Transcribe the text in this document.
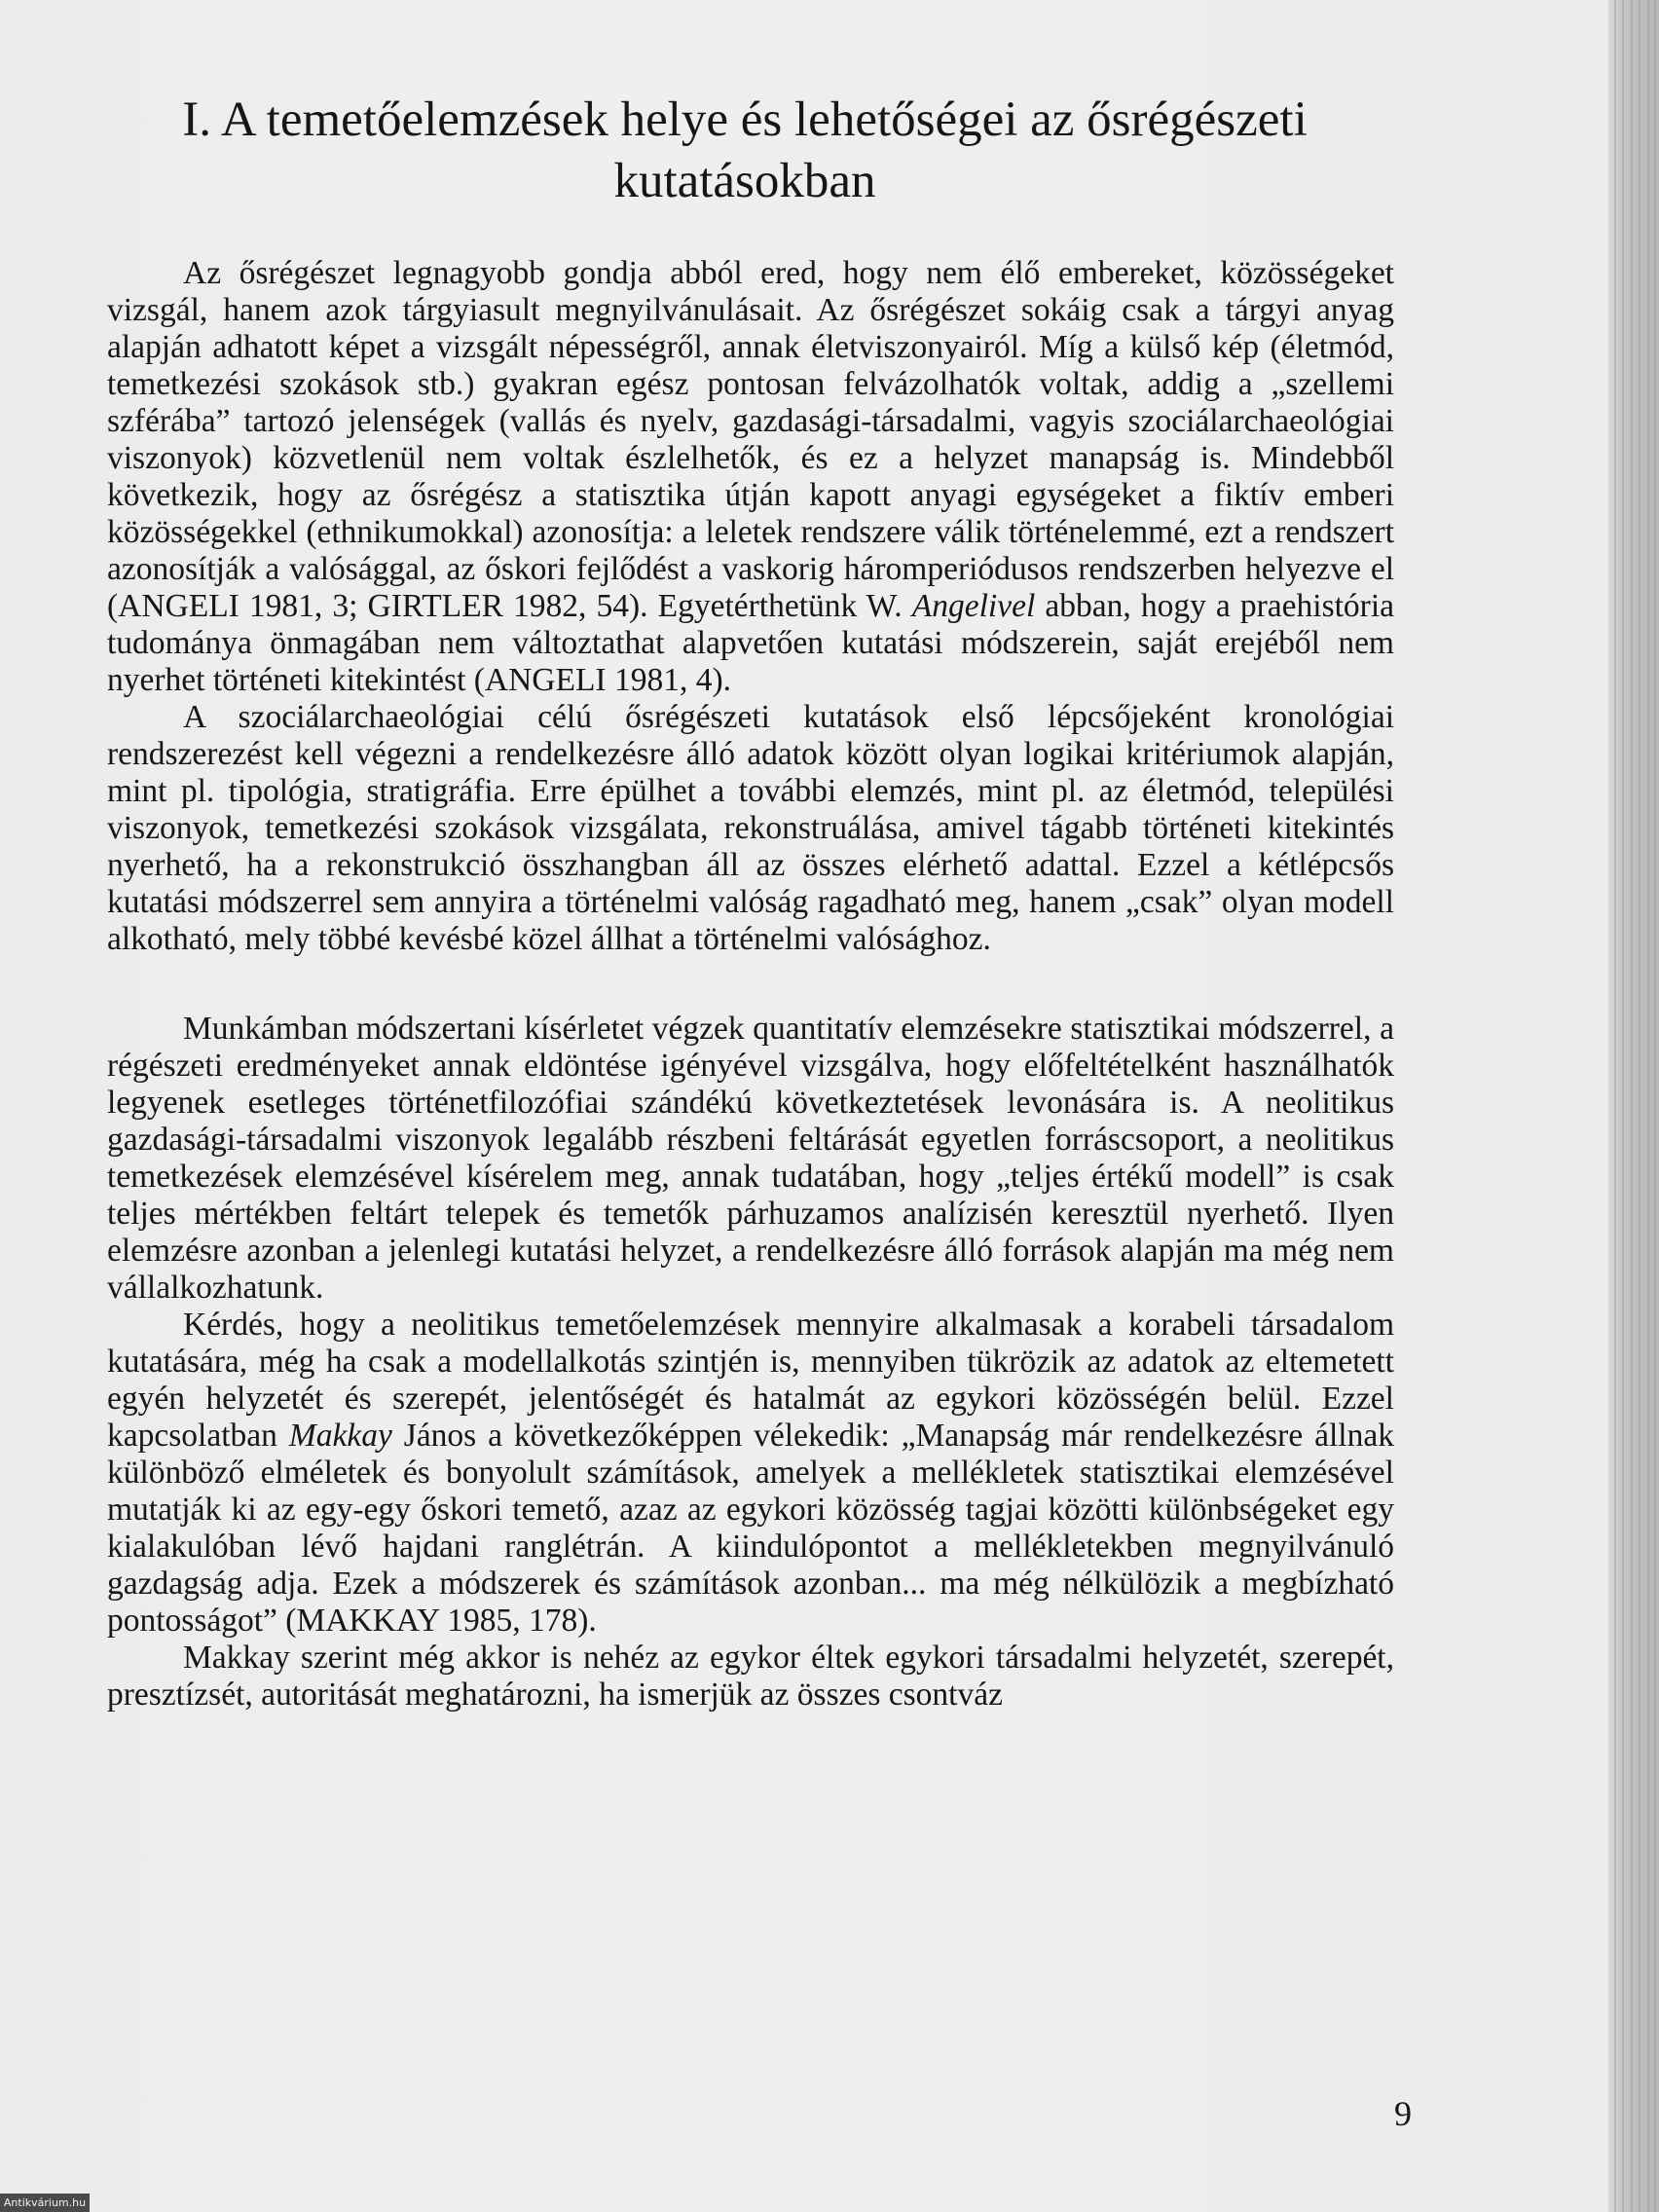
I. A temetőelemzések helye és lehetőségei az ősrégészeti
kutatásokban

Az ősrégészet legnagyobb gondja abból ered, hogy nem élő embereket, közösségeket vizsgál, hanem azok tárgyiasult megnyilvánulásait. Az ősrégészet sokáig csak a tárgyi anyag alapján adhatott képet a vizsgált népességről, annak életviszonyairól. Míg a külső kép (életmód, temetkezési szokások stb.) gyakran egész pontosan felvázolhatók voltak, addig a „szellemi szférába” tartozó jelenségek (vallás és nyelv, gazdasági-társadalmi, vagyis szociálarchaeológiai viszonyok) közvetlenül nem voltak észlelhetők, és ez a helyzet manapság is. Mindebből következik, hogy az ősrégész a statisztika útján kapott anyagi egységeket a fiktív emberi közösségekkel (ethnikumokkal) azonosítja: a leletek rendszere válik történelemmé, ezt a rendszert azonosítják a valósággal, az őskori fejlődést a vaskorig háromperiódusos rendszerben helyezve el (ANGELI 1981, 3; GIRTLER 1982, 54). Egyetérthetünk W. Angelivel abban, hogy a praehistória tudománya önmagában nem változtathat alapvetően kutatási módszerein, saját erejéből nem nyerhet történeti kitekintést (ANGELI 1981, 4).

A szociálarchaeológiai célú ősrégészeti kutatások első lépcsőjeként kronológiai rendszerezést kell végezni a rendelkezésre álló adatok között olyan logikai kritériumok alapján, mint pl. tipológia, stratigráfia. Erre épülhet a további elemzés, mint pl. az életmód, települési viszonyok, temetkezési szokások vizsgálata, rekonstruálása, amivel tágabb történeti kitekintés nyerhető, ha a rekonstrukció összhangban áll az összes elérhető adattal. Ezzel a kétlépcsős kutatási módszerrel sem annyira a történelmi valóság ragadható meg, hanem „csak” olyan modell alkotható, mely többé kevésbé közel állhat a történelmi valósághoz.

Munkámban módszertani kísérletet végzek quantitatív elemzésekre statisztikai módszerrel, a régészeti eredményeket annak eldöntése igényével vizsgálva, hogy előfeltételként használhatók legyenek esetleges történetfilozófiai szándékú következtetések levonására is. A neolitikus gazdasági-társadalmi viszonyok legalább részbeni feltárását egyetlen forráscsoport, a neolitikus temetkezések elemzésével kísérelem meg, annak tudatában, hogy „teljes értékű modell” is csak teljes mértékben feltárt telepek és temetők párhuzamos analízisén keresztül nyerhető. Ilyen elemzésre azonban a jelenlegi kutatási helyzet, a rendelkezésre álló források alapján ma még nem vállalkozhatunk.

Kérdés, hogy a neolitikus temetőelemzések mennyire alkalmasak a korabeli társadalom kutatására, még ha csak a modellalkotás szintjén is, mennyiben tükrözik az adatok az eltemetett egyén helyzetét és szerepét, jelentőségét és hatalmát az egykori közösségén belül. Ezzel kapcsolatban Makkay János a következőképpen vélekedik: „Manapság már rendelkezésre állnak különböző elméletek és bonyolult számítások, amelyek a mellékletek statisztikai elemzésével mutatják ki az egy-egy őskori temető, azaz az egykori közösség tagjai közötti különbségeket egy kialakulóban lévő hajdani ranglétrán. A kiindulópontot a mellékletekben megnyilvánuló gazdagság adja. Ezek a módszerek és számítások azonban... ma még nélkülözik a megbízható pontosságot” (MAKKAY 1985, 178).

Makkay szerint még akkor is nehéz az egykor éltek egykori társadalmi helyzetét, szerepét, presztízsét, autoritását meghatározni, ha ismerjük az összes csontváz

9
Antikvárium.hu
